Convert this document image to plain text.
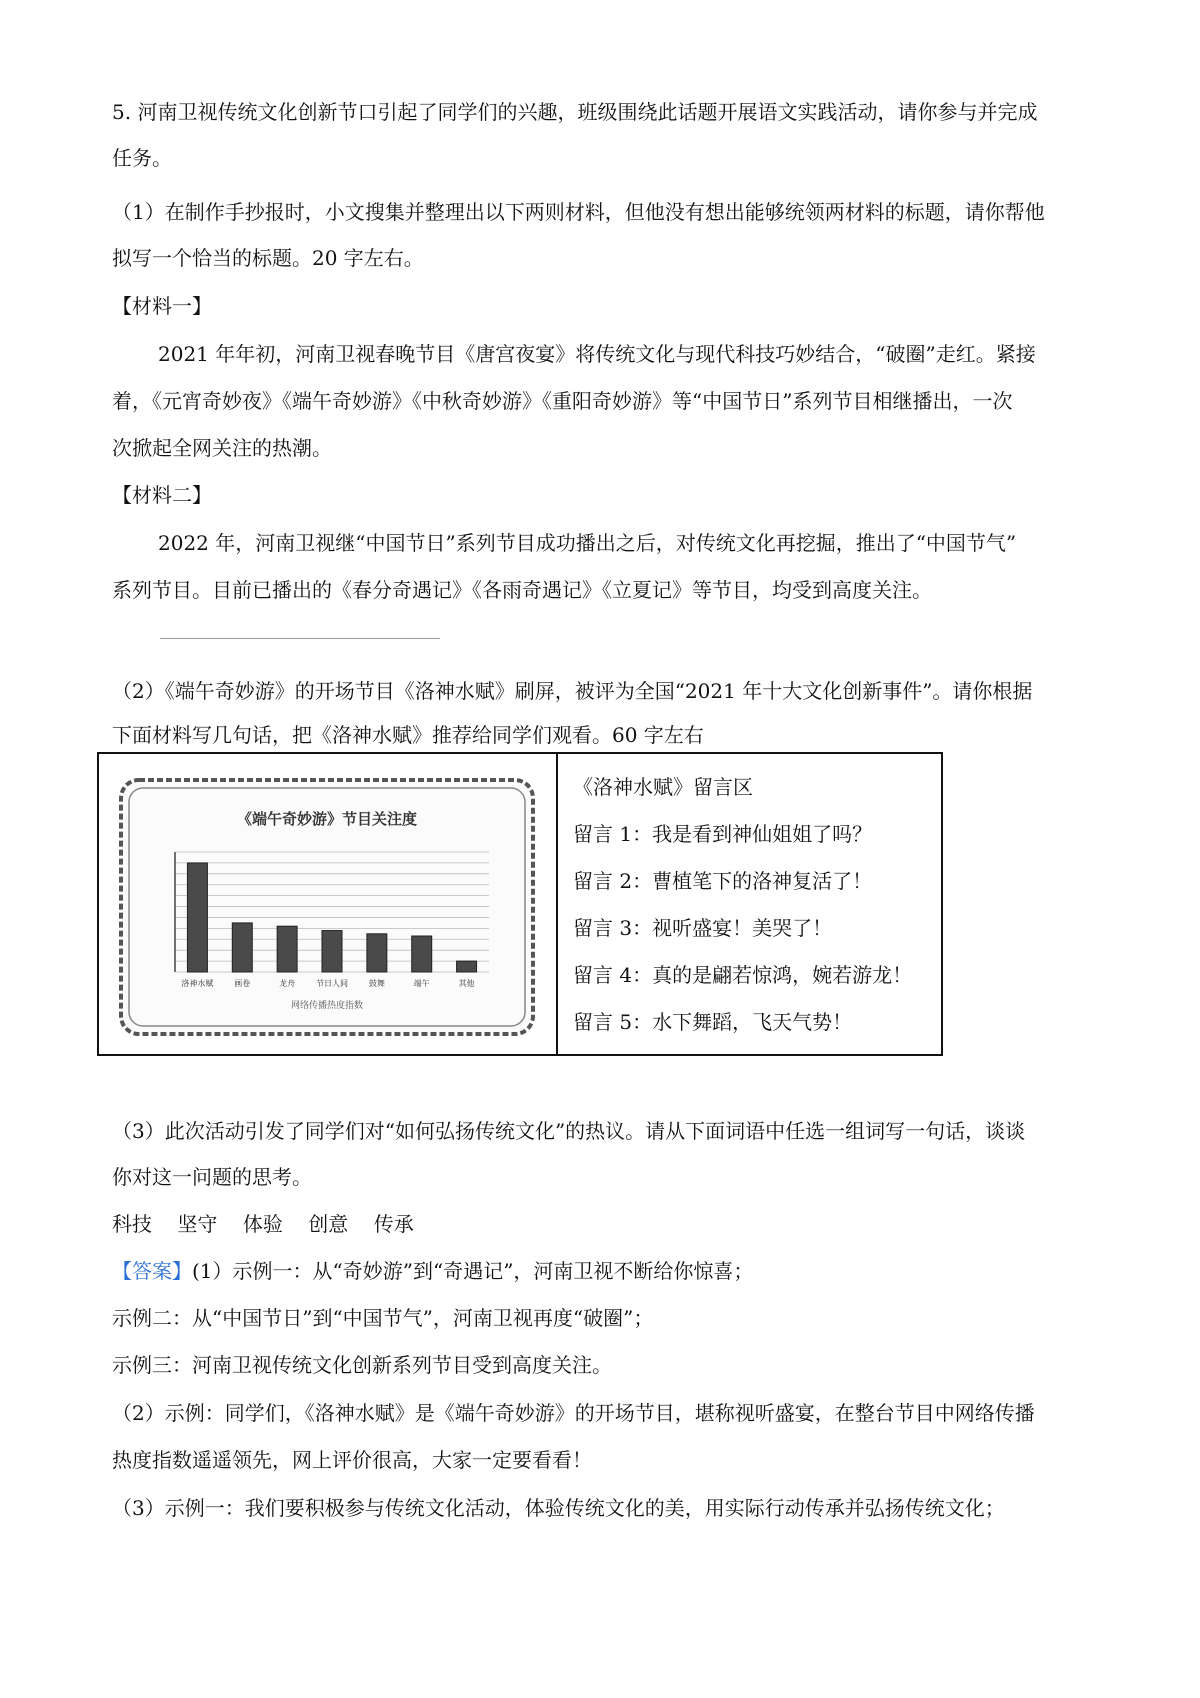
5. 河南卫视传统文化创新节口引起了同学们的兴趣，班级围绕此话题开展语文实践活动，请你参与并完成
任务。
（1）在制作手抄报时，小文搜集并整理出以下两则材料，但他没有想出能够统领两材料的标题，请你帮他
拟写一个恰当的标题。20 字左右。
【材料一】
2021 年年初，河南卫视春晚节目《唐宫夜宴》将传统文化与现代科技巧妙结合，“破圈”走红。紧接
着，《元宵奇妙夜》《端午奇妙游》《中秋奇妙游》《重阳奇妙游》等“中国节日”系列节目相继播出，一次
次掀起全网关注的热潮。
【材料二】
2022 年，河南卫视继“中国节日”系列节目成功播出之后，对传统文化再挖掘，推出了“中国节气”
系列节目。目前已播出的《春分奇遇记》《各雨奇遇记》《立夏记》等节目，均受到高度关注。
（2）《端午奇妙游》的开场节目《洛神水赋》刷屏，被评为全国“2021 年十大文化创新事件”。请你根据
下面材料写几句话，把《洛神水赋》推荐给同学们观看。60 字左右
《端午奇妙游》节目关注度
洛神水赋	画卷	龙舟	节日人间	鼓舞	端午	其他
网络传播热度指数
《洛神水赋》留言区
留言 1：我是看到神仙姐姐了吗？
留言 2：曹植笔下的洛神复活了！
留言 3：视听盛宴！美哭了！
留言 4：真的是翩若惊鸿，婉若游龙！
留言 5：水下舞蹈，飞天气势！
（3）此次活动引发了同学们对“如何弘扬传统文化”的热议。请从下面词语中任选一组词写一句话，谈谈
你对这一问题的思考。
科技    坚守    体验    创意    传承
【答案】(1）示例一：从“奇妙游”到“奇遇记”，河南卫视不断给你惊喜；
示例二：从“中国节日”到“中国节气”，河南卫视再度“破圈”；
示例三：河南卫视传统文化创新系列节目受到高度关注。
（2）示例：同学们，《洛神水赋》是《端午奇妙游》的开场节目，堪称视听盛宴，在整台节目中网络传播
热度指数遥遥领先，网上评价很高，大家一定要看看！
（3）示例一：我们要积极参与传统文化活动，体验传统文化的美，用实际行动传承并弘扬传统文化；
